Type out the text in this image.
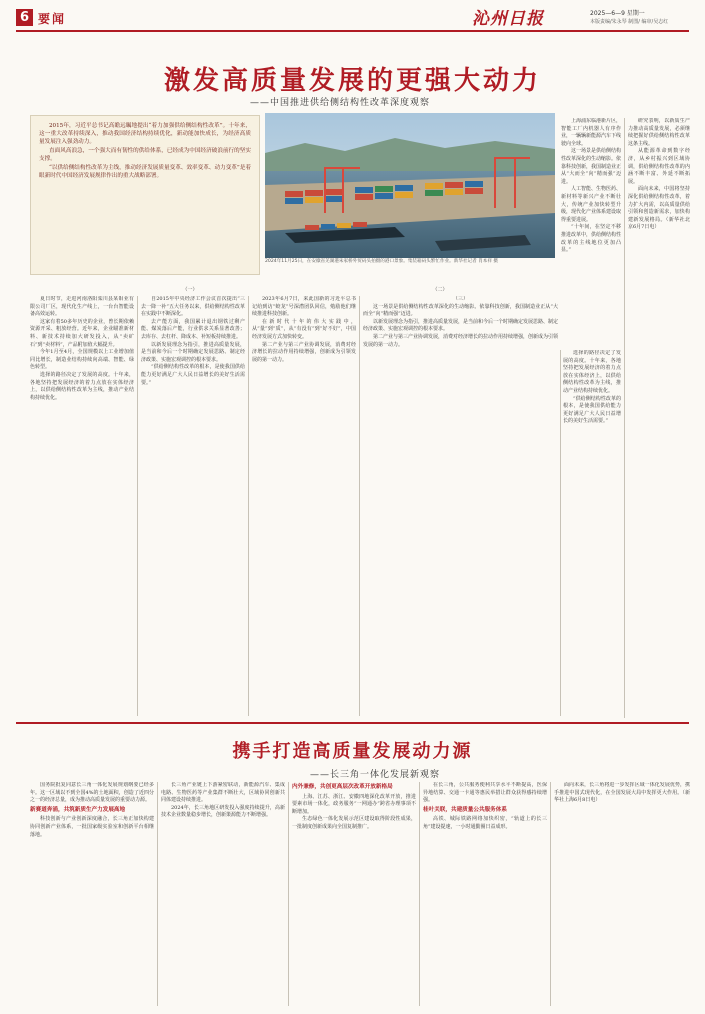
6 要闻	沁州日报	2025—6—9 星期一
本版责编/朱永琴 制图/ 编审/吴志红
激发高质量发展的更强大动力
——中国推进供给侧结构性改革深度观察

2015年，习近平总书记高瞻远瞩地提出“着力加强供给侧结构性改革”。十年来，这一重大改革持续深入，推动我国经济结构持续优化，新动能加快成长，为经济高质量发展注入强劲动力。

直面风高浪急，一个强大而有韧性的供给体系，已经成为中国经济破浪前行的坚实支撑。

“以供给侧结构性改革为主线，推动经济发展质量变革、效率变革、动力变革”是着眼新时代中国经济发展规律作出的重大战略部署。

2024年11月25日，在安徽省芜湖港朱家桥外贸码头拍摄的港口景象。集装箱码头繁忙作业。新华社记者 肖本祥 摄

上海浦东临港新片区，智能工厂内机器人有序作业，一辆辆新能源汽车下线驶向全球。

这一场景是供给侧结构性改革深化的生动缩影。依靠科技创新，我国制造业正从“大而全”向“精而强”迈进。

人工智能、生物医药、新材料等新兴产业不断壮大，传统产业加快转型升级，现代化产业体系建设取得重要进展。

“十年间，在坚定不移推进改革中，供给侧结构性改革的主线地位更加凸显。”

研究表明，以新质生产力推动高质量发展，必须继续把握好供给侧结构性改革这条主线。

从能源革命到数字经济，从乡村振兴到区域协调，供给侧结构性改革的内涵不断丰富、外延不断拓展。

面向未来，中国将坚持深化供给侧结构性改革，着力扩大内需，以高质量供给引领和创造新需求，加快构建新发展格局。（新华社北京6月7日电）

（一）	（二）

夏日时节，走进河南洛阳栾川县某钼业有限公司厂区，现代化生产线上，一台台智能设备高效运转。

这家有着50多年历史的企业，曾长期依赖资源开采、粗放经营。近年来，企业瞄准新材料、新技术持续加大研发投入，从“卖矿石”到“卖材料”，产品附加值大幅提升。

今年1月至4月，全国规模以上工业增加值同比增长，制造业结构持续向高端、智能、绿色转型。

选择的路径决定了发展的高度。十年来，各地坚持把发展经济的着力点放在实体经济上，以供给侧结构性改革为主线，推动产业结构持续优化。

自2015年中央经济工作会议首次提出“三去一降一补”五大任务以来，供给侧结构性改革在实践中不断深化。

去产能方面，我国累计退出钢铁过剩产能、煤炭落后产能，行业供求关系显著改善；去库存、去杠杆、降成本、补短板持续推进。

以新发展理念为指引，推进高质量发展，是当前和今后一个时期确定发展思路、制定经济政策、实施宏观调控的根本要求。

“供给侧结构性改革的根本，是使我国供给能力更好满足广大人民日益增长的美好生活需要。”

2023年6月7日，来此国新的习近平总书记给到访“蛟龙”号深潜团队回信，勉励他们继续推进科技创新。

在新时代十年的伟大实践中，从“量”到“质”，从“有没有”到“好不好”，中国经济发展方式加快转变。

第二产业与第三产业协调发展，消费对经济增长的拉动作用持续增强，创新成为引领发展的第一动力。

（三）

这一场景是供给侧结构性改革深化的生动缩影。依靠科技创新，我国制造业正从“大而全”向“精而强”迈进。

以新发展理念为指引，推进高质量发展，是当前和今后一个时期确定发展思路、制定经济政策、实施宏观调控的根本要求。

第二产业与第三产业协调发展，消费对经济增长的拉动作用持续增强，创新成为引领发展的第一动力。

选择的路径决定了发展的高度。十年来，各地坚持把发展经济的着力点放在实体经济上，以供给侧结构性改革为主线，推动产业结构持续优化。

“供给侧结构性改革的根本，是使我国供给能力更好满足广大人民日益增长的美好生活需要。”

携手打造高质量发展动力源
——长三角一体化发展新观察

国务院批复同意长三角一体化发展规划纲要已经多年。这一区域以不到全国4%的土地面积，创造了近四分之一的经济总量，成为推动高质量发展的重要动力源。

新赛道奔涌，共筑新质生产力发展高地

科技创新与产业创新深度融合，长三角正加快构建协同创新产业体系，一批国家级实验室和创新平台相继落地。

长三角产业链上下游紧密联动，新能源汽车、集成电路、生物医药等产业集群不断壮大，区域协同创新共同体建设持续推进。

2024年，长三角地区研发投入强度持续提升，高新技术企业数量稳步增长，创新策源能力不断增强。

内外兼修，共创更高层次改革开放新格局

上海、江苏、浙江、安徽四地深化改革开放，推进要素市场一体化，政务服务“一网通办”跨省办理事项不断增加。

生态绿色一体化发展示范区建设取得阶段性成果，一批制度创新成果向全国复制推广。

在长三角，公共服务便利共享水平不断提高，医保异地结算、交通一卡通等惠民举措让群众获得感持续增强。

桂叶关联，共建质量公共服务体系

高铁、城际铁路网络加快织密，“轨道上的长三角”建设提速，一小时通勤圈日益成形。

面向未来，长三角将进一步发挥区域一体化发展优势，携手推进中国式现代化，在全国发展大局中发挥更大作用。（新华社上海6月8日电）
